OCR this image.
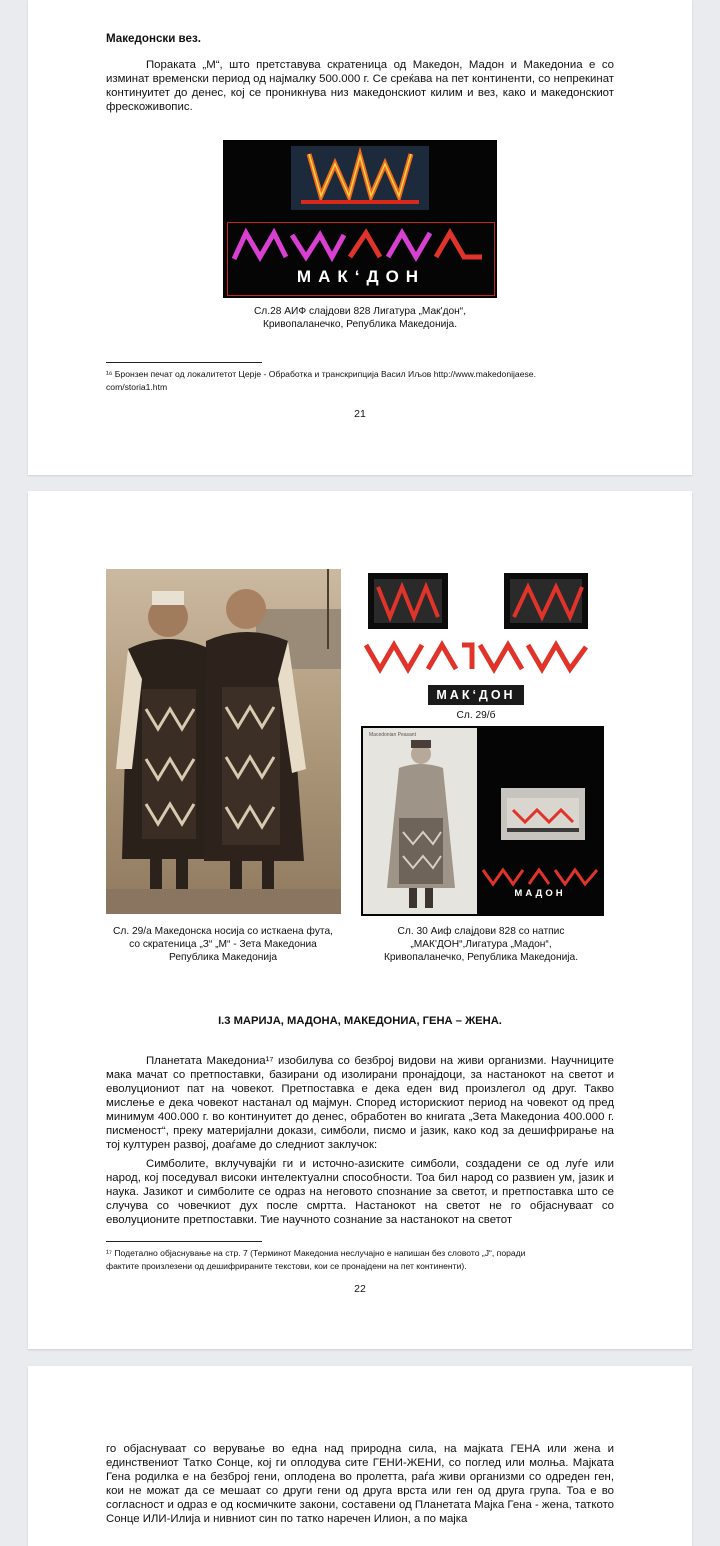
Македонски вез.

Пораката „М“, што претставува скратеница од Македон, Мадон и Македониа е со изминат временски период од најмалку 500.000 г. Се среќава на пет континенти, со непрекинат континуитет до денес, кој се проникнува низ македонскиот килим и вез, како и македонскиот фрескоживопис.

МАК‘ДОН

Сл.28 АИФ слајдови 828 Лигатура „Мак'дон“,

Кривопаланечко, Република Македонија.

¹⁶ Бронзен печат од локалитетот Церје - Обработка и транскрипција Васил Иљов http://www.makedonijaese.

com/storia1.htm

21
МАК‘ДОН
Сл. 29/б
Macedonian Peasant
МАДОН

Сл. 29/а Македонска носија со исткаена фута,

со скратеница „З“ „М“ - Зета Македониа

Република Македонија

Сл. 30 Аиф слајдови 828 со натпис

„МАК'ДОН“,Лигатура „Мадон“,

Кривопаланечко, Република Македонија.

I.3 МАРИЈА, МАДОНА, МАКЕДОНИА, ГЕНА – ЖЕНА.

Планетата Македониа¹⁷ изобилува со безброј видови на живи организми. Научниците мака мачат со претпоставки, базирани од изолирани пронајдоци, за настанокот на светот и еволуциониот пат на човекот. Претпоставка е дека еден вид произлегол од друг. Такво мислење е дека човекот настанал од мајмун. Според историскиот период на човекот од пред минимум 400.000 г. во континуитет до денес, обработен во книгата „Зета Македониа 400.000 г. писменост“, преку материјални докази, симболи, писмо и јазик, како код за дешифрирање на тој културен развој, доаѓаме до следниот заклучок:

Симболите, вклучувајќи ги и источно-азиските симболи, создадени се од луѓе или народ, кој поседувал високи интелектуални способности. Тоа бил народ со развиен ум, јазик и наука. Јазикот и симболите се одраз на неговото спознание за светот, и претпоставка што се случува со човечкиот дух после смртта. Настанокот на светот не го објаснуваат со еволуционите претпоставки. Тие научното сознание за настанокот на светот

¹⁷ Подетално објаснување на стр. 7 (Терминот Македониа неслучајно е напишан без словото „Ј“, поради

фактите произлезени од дешифрираните текстови, кои се пронајдени на пет континенти).

22

го објаснуваат со верување во една над природна сила, на мајката ГЕНА или жена и единствениот Татко Сонце, кој ги оплодува сите ГЕНИ-ЖЕНИ, со поглед или молња. Мајката Гена родилка е на безброј гени, оплодена во пролетта, раѓа живи организми со одреден ген, кои не можат да се мешаат со други гени од друга врста или ген од друга група. Тоа е во согласност и одраз е од космичките закони, составени од Планетата Мајка Гена - жена, таткото Сонце ИЛИ-Илија и нивниот син по татко наречен Илион, а по мајка
